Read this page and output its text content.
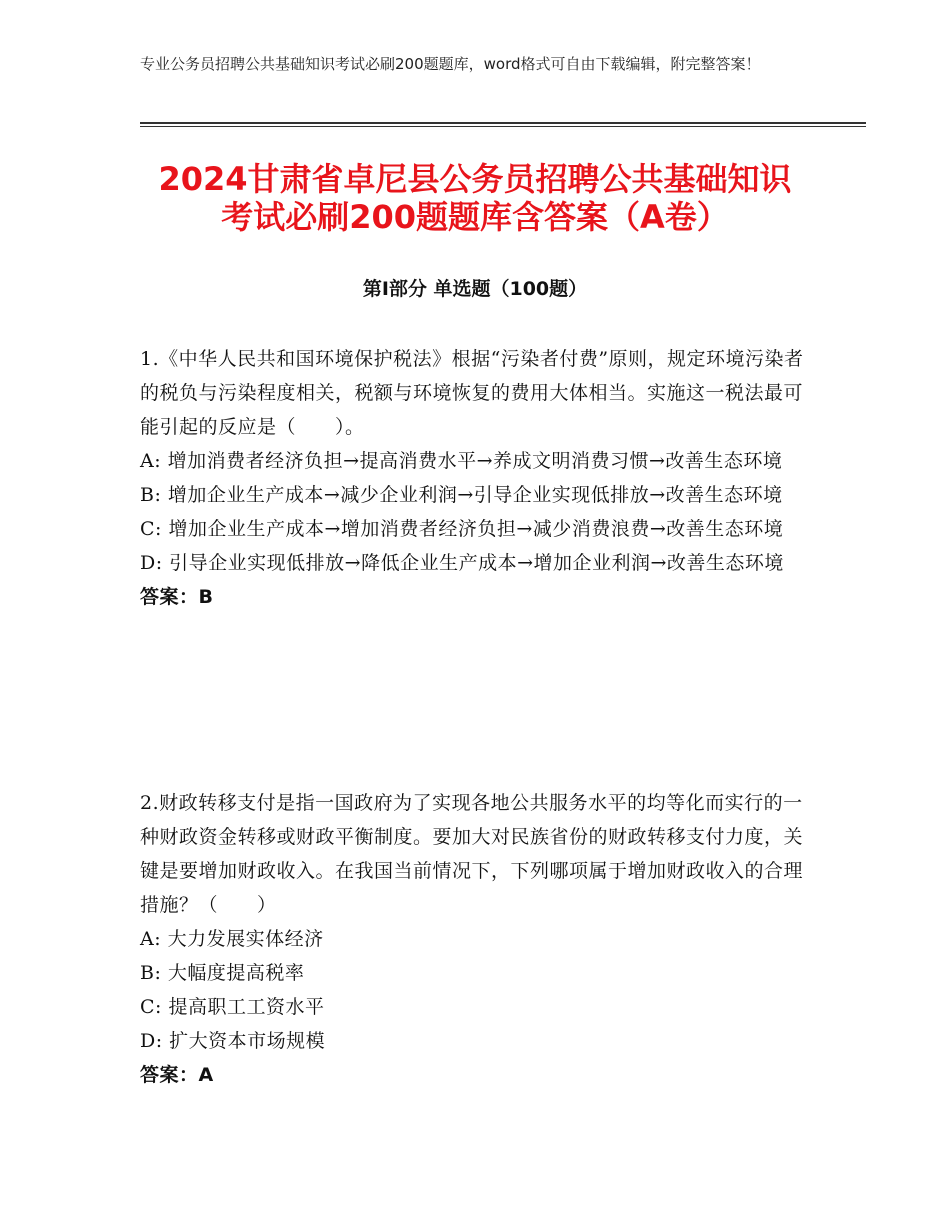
专业公务员招聘公共基础知识考试必刷200题题库，word格式可自由下载编辑，附完整答案！
2024甘肃省卓尼县公务员招聘公共基础知识
考试必刷200题题库含答案（A卷）
第Ⅰ部分 单选题（100题）
1.《中华人民共和国环境保护税法》根据“污染者付费”原则，规定环境污染者的税负与污染程度相关，税额与环境恢复的费用大体相当。实施这一税法最可能引起的反应是（　　）。
A: 增加消费者经济负担→提高消费水平→养成文明消费习惯→改善生态环境
B: 增加企业生产成本→减少企业利润→引导企业实现低排放→改善生态环境
C: 增加企业生产成本→增加消费者经济负担→减少消费浪费→改善生态环境
D: 引导企业实现低排放→降低企业生产成本→增加企业利润→改善生态环境
答案：B
2.财政转移支付是指一国政府为了实现各地公共服务水平的均等化而实行的一种财政资金转移或财政平衡制度。要加大对民族省份的财政转移支付力度，关键是要增加财政收入。在我国当前情况下，下列哪项属于增加财政收入的合理措施？（　　）
A: 大力发展实体经济
B: 大幅度提高税率
C: 提高职工工资水平
D: 扩大资本市场规模
答案：A
